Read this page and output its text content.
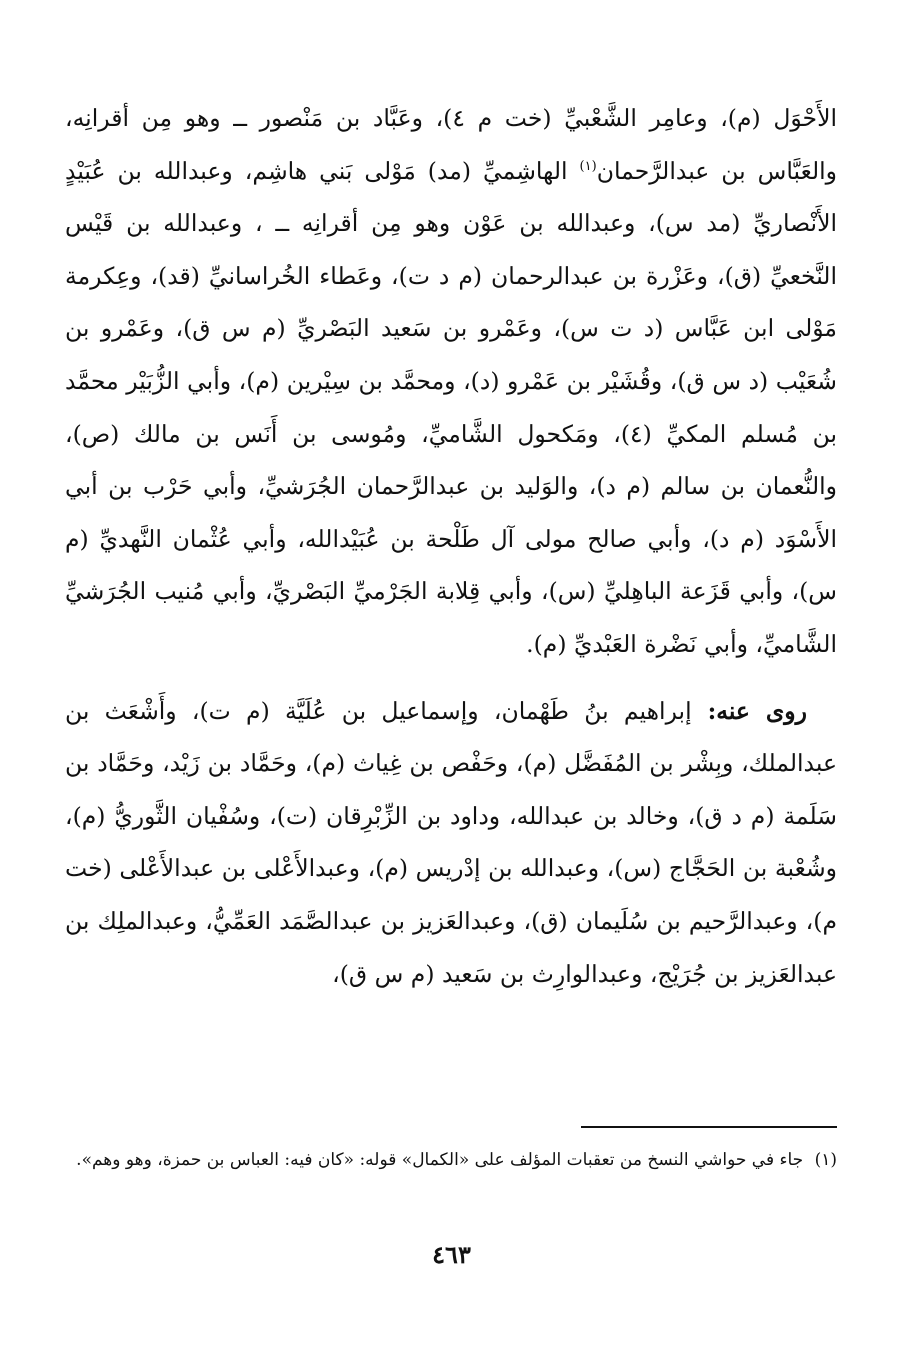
الأَحْوَل (م)، وعامِر الشَّعْبيِّ (خت م ٤)، وعَبَّاد بن مَنْصور ــ وهو مِن أقرانِه، والعَبَّاس بن عبدالرَّحمان$^{(١)}$ الهاشِميِّ (مد) مَوْلى بَني هاشِم، وعبدالله بن عُبَيْدٍ الأَنْصاريِّ (مد س)، وعبدالله بن عَوْن وهو مِن أقرانِه ــ ، وعبدالله بن قَيْس النَّخعيِّ (ق)، وعَزْرة بن عبدالرحمان (م د ت)، وعَطاء الخُراسانيِّ (قد)، وعِكرمة مَوْلى ابن عَبَّاس (د ت س)، وعَمْرو بن سَعيد البَصْريِّ (م س ق)، وعَمْرو بن شُعَيْب (د س ق)، وقُشَيْر بن عَمْرو (د)، ومحمَّد بن سِيْرين (م)، وأبي الزُّبَيْر محمَّد بن مُسلم المكيِّ (٤)، ومَكحول الشَّاميِّ، ومُوسى بن أَنَس بن مالك (ص)، والنُّعمان بن سالم (م د)، والوَليد بن عبدالرَّحمان الجُرَشيِّ، وأبي حَرْب بن أبي الأَسْوَد (م د)، وأبي صالح مولى آل طَلْحة بن عُبَيْدالله، وأبي عُثْمان النَّهديِّ (م س)، وأبي قَزَعة الباهِليِّ (س)، وأبي قِلابة الجَرْميِّ البَصْريِّ، وأبي مُنيب الجُرَشيِّ الشَّاميِّ، وأبي نَضْرة العَبْديِّ (م).

روى عنه: إبراهيم بنُ طَهْمان، وإسماعيل بن عُلَيَّة (م ت)، وأَشْعَث بن عبدالملك، وبِشْر بن المُفَضَّل (م)، وحَفْص بن غِياث (م)، وحَمَّاد بن زَيْد، وحَمَّاد بن سَلَمة (م د ق)، وخالد بن عبدالله، وداود بن الزِّبْرِقان (ت)، وسُفْيان الثَّوريُّ (م)، وشُعْبة بن الحَجَّاج (س)، وعبدالله بن إدْريس (م)، وعبدالأَعْلى بن عبدالأَعْلى (خت م)، وعبدالرَّحيم بن سُلَيمان (ق)، وعبدالعَزيز بن عبدالصَّمَد العَمِّيُّ، وعبدالملِك بن عبدالعَزيز بن جُرَيْج، وعبدالوارِث بن سَعيد (م س ق)،

(١) جاء في حواشي النسخ من تعقبات المؤلف على «الكمال» قوله: «كان فيه: العباس بن حمزة، وهو وهم».
٤٦٣
